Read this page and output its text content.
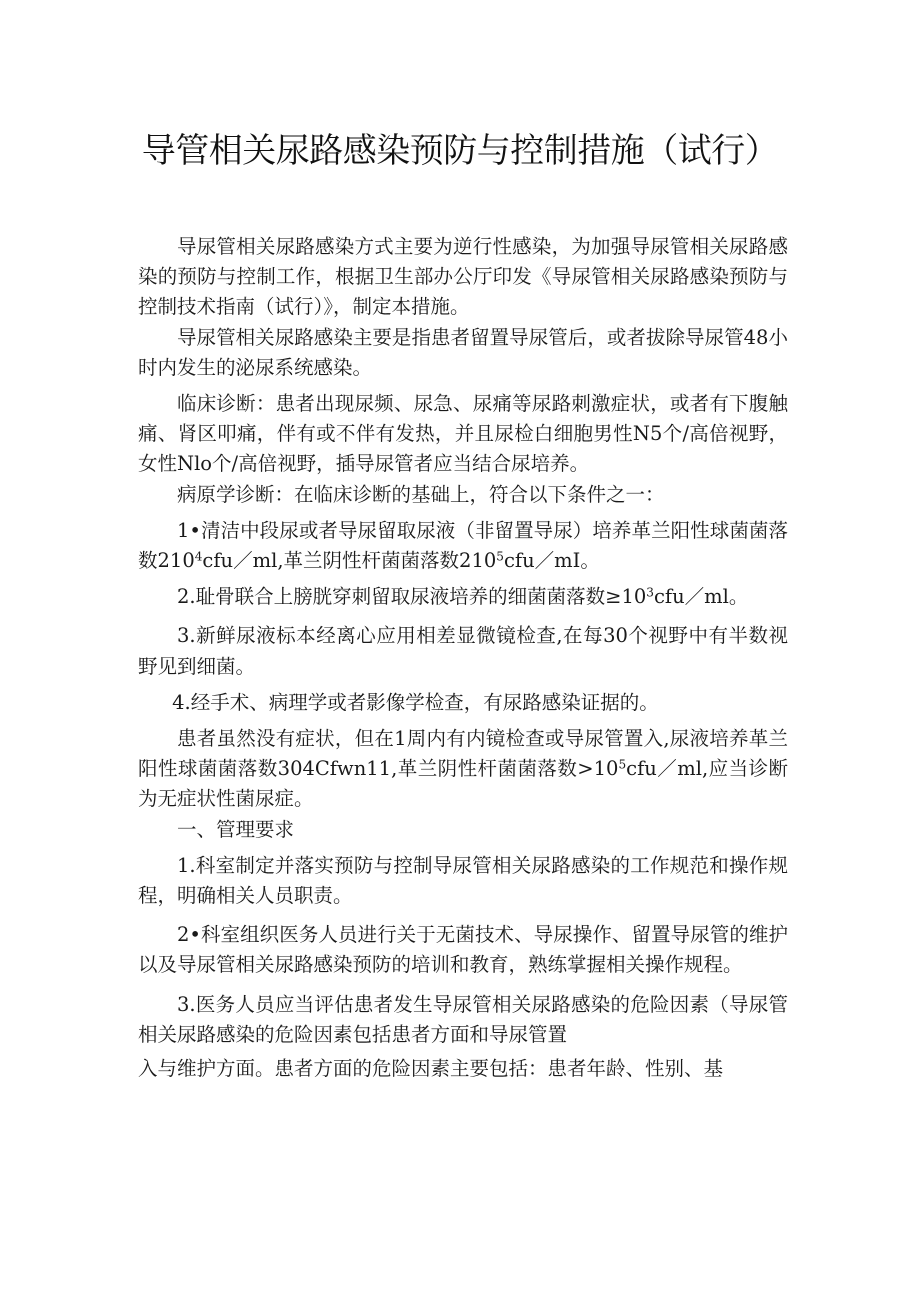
导管相关尿路感染预防与控制措施（试行）

导尿管相关尿路感染方式主要为逆行性感染，为加强导尿管相关尿路感染的预防与控制工作，根据卫生部办公厅印发《导尿管相关尿路感染预防与控制技术指南（试行）》，制定本措施。

导尿管相关尿路感染主要是指患者留置导尿管后，或者拔除导尿管48小时内发生的泌尿系统感染。

临床诊断：患者出现尿频、尿急、尿痛等尿路刺激症状，或者有下腹触痛、肾区叩痛，伴有或不伴有发热，并且尿检白细胞男性N5个/高倍视野，女性Nlo个/高倍视野，插导尿管者应当结合尿培养。

病原学诊断：在临床诊断的基础上，符合以下条件之一：

1•清洁中段尿或者导尿留取尿液（非留置导尿）培养革兰阳性球菌菌落数$210^4cfu/ml$,革兰阴性杆菌菌落数$210^5cfu/mI$。

2.耻骨联合上膀胱穿刺留取尿液培养的细菌菌落数$\ge 10^3cfu/ml$。

3.新鲜尿液标本经离心应用相差显微镜检查,在每30个视野中有半数视野见到细菌。

4.经手术、病理学或者影像学检查，有尿路感染证据的。

患者虽然没有症状，但在1周内有内镜检查或导尿管置入,尿液培养革兰阳性球菌菌落数304Cfwn11,革兰阴性杆菌菌落数$>10^5cfu/ml$,应当诊断为无症状性菌尿症。

一、管理要求

1.科室制定并落实预防与控制导尿管相关尿路感染的工作规范和操作规程，明确相关人员职责。

2•科室组织医务人员进行关于无菌技术、导尿操作、留置导尿管的维护以及导尿管相关尿路感染预防的培训和教育，熟练掌握相关操作规程。

3.医务人员应当评估患者发生导尿管相关尿路感染的危险因素（导尿管相关尿路感染的危险因素包括患者方面和导尿管置
入与维护方面。患者方面的危险因素主要包括：患者年龄、性别、基
